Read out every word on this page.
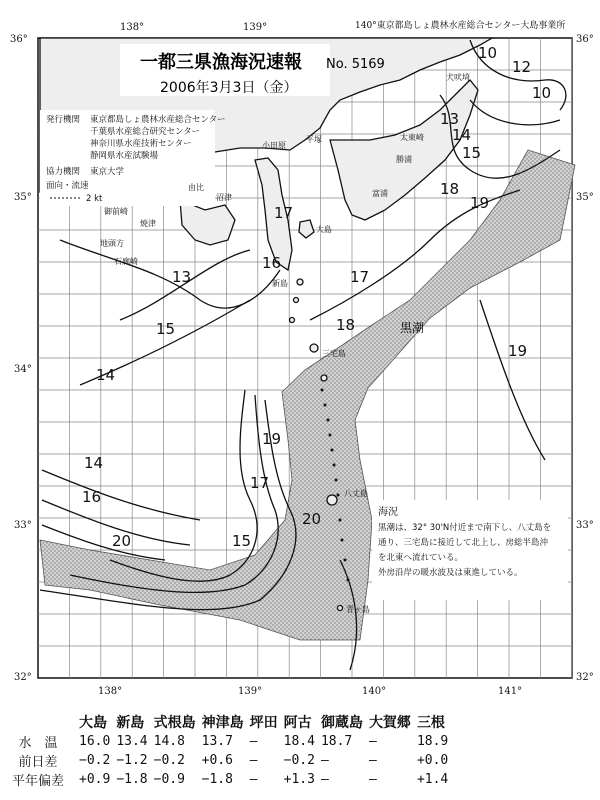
138°	139°	140°東京都島しょ農林水産総合センター大島事業所
36°	36°
35°
34°
33°
32°
35°
33°
32°
138°	139°	140°	141°
一都三県漁海況速報 No. 5169
2006年3月3日（金）
発行機関 東京都島しょ農林水産総合センター
千葉県水産総合研究センター
神奈川県水産技術センター
静岡県水産試験場
協力機関 東京大学
面向・流速
2 kt
犬吠埼
太東崎
勝浦
平塚
小田原
沼津
由比
御前崎
地頭方
石廊崎
焼津
富浦
大島
新島
三宅島
八丈島
青ヶ島
黒潮
10
12
10
13
14
15
18
19
17
16
17
13
15
14
18
19
19
17
14
16
20
20
15
海況
黒潮は、32° 30'N付近まで南下し、八丈島を
通り、三宅島に接近して北上し、房総半島沖
を北東へ流れている。
外房沿岸の暖水波及は東進している。
	大島	新島	式根島	神津島	坪田	阿古	御蔵島	大賀郷	三根
水　温	16.0	13.4	14.8	13.7	—	18.4	18.7	—	18.9
前日差	−0.2	−1.2	−0.2	+0.6	—	−0.2	—	—	+0.0
平年偏差	+0.9	−1.8	−0.9	−1.8	—	+1.3	—	—	+1.4
